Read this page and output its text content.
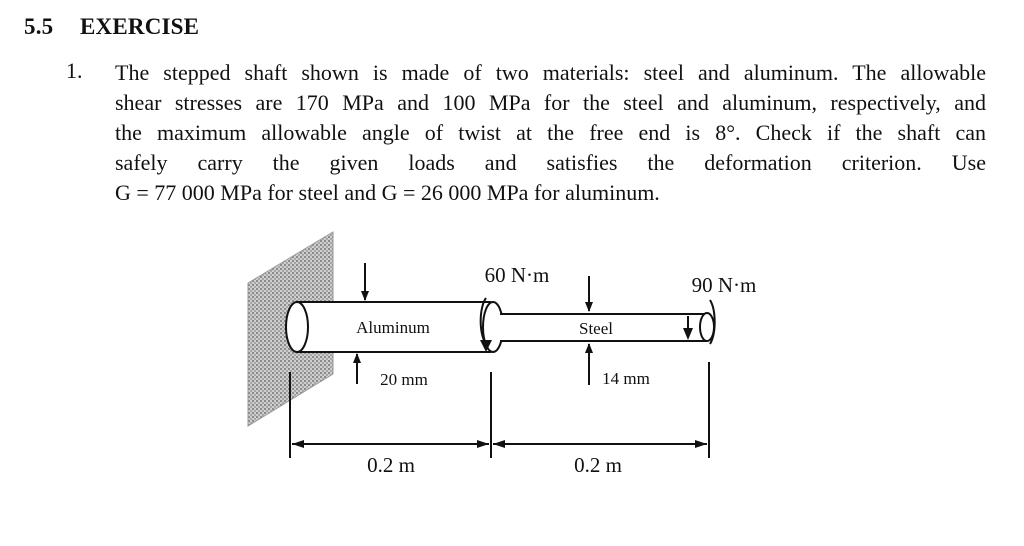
5.5 EXERCISE
1. The stepped shaft shown is made of two materials: steel and aluminum. The allowable
shear stresses are 170 MPa and 100 MPa for the steel and aluminum, respectively, and
the maximum allowable angle of twist at the free end is 8°. Check if the shaft can
safely carry the given loads and satisfies the deformation criterion. Use
G = 77 000 MPa for steel and G = 26 000 MPa for aluminum.
Aluminum	Steel
60 N·m	90 N·m
20 mm	14 mm
0.2 m	0.2 m
